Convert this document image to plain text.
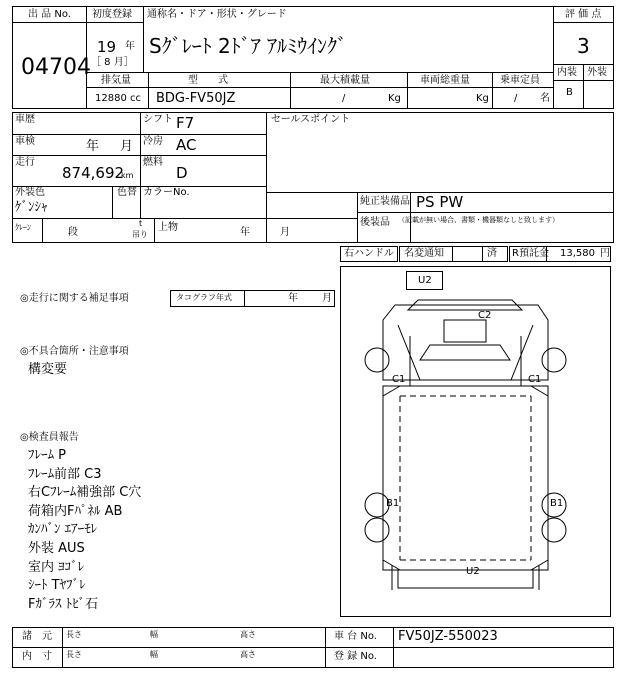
出 品 No.
04704
初度登録
19 年
［ 8 月］
通称名・ドア・形状・グレード
Sｸﾞﾚｰﾄ 2ﾄﾞｱ ｱﾙﾐｳｲﾝｸﾞ
評 価 点
3
内装 外装
B
排気量	型　　式	最大積載量	車両総重量	乗車定員
12880 cc BDG-FV50JZ	/	Kg	Kg	/ 名
車歴	シフト F7
車検	年 月 冷房 AC
走行
874,692
km
燃料
D
外装色	色替 カラーNo.
ｹﾞﾝｼｬ
ｸﾚｰﾝ	段
t
吊り
上物	年	月
セールスポイント
純正装備品 PS PW
後装品 （記載が無い場合、書類・機器類なしと致します）
右ハンドル 名変通知	済 R預託金 13,580 円
◎走行に関する補足事項	タコグラフ年式	年 月
◎不具合箇所・注意事項
構変要
◎検査員報告
ﾌﾚｰﾑ P
ﾌﾚｰﾑ前部 C3
右Cﾌﾚｰﾑ補強部 C穴
荷箱内Fﾊﾟﾈﾙ AB
ｶﾝﾊﾞﾝ ｴｱｰﾓﾚ
外装 AUS
室内 ﾖｺﾞﾚ
ｼｰﾄ Tﾔﾌﾞﾚ
Fｶﾞﾗｽ ﾄﾋﾞ石
U2
C2
C1	C1
B1	B1
U2
諸　元
内　寸
長さ	幅	高さ
長さ	幅	高さ
車 台 No. FV50JZ-550023
登 録 No.
